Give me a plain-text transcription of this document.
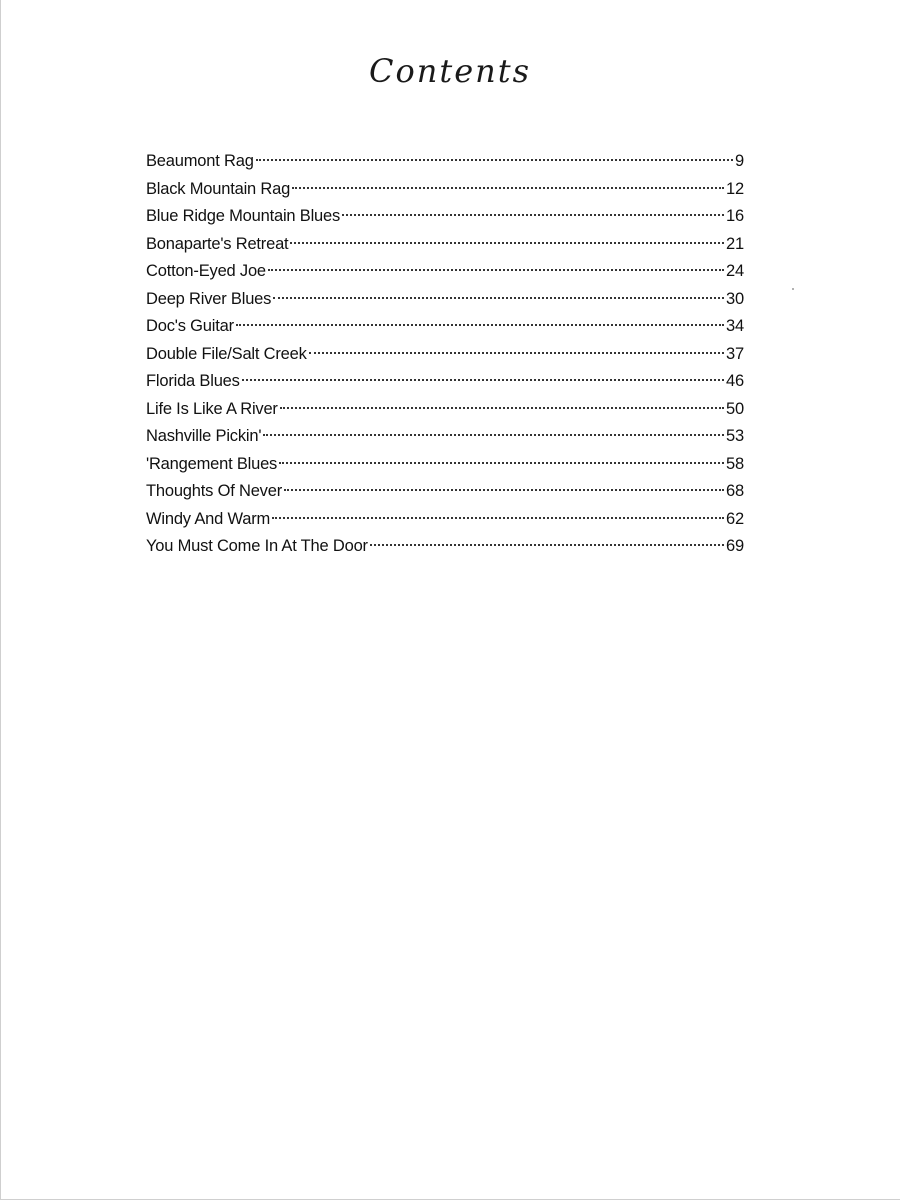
Contents
Beaumont Rag	9
Black Mountain Rag	12
Blue Ridge Mountain Blues	16
Bonaparte's Retreat	21
Cotton-Eyed Joe	24
Deep River Blues	30
Doc's Guitar	34
Double File/Salt Creek	37
Florida Blues	46
Life Is Like A River	50
Nashville Pickin'	53
'Rangement Blues	58
Thoughts Of Never	68
Windy And Warm	62
You Must Come In At The Door	69
